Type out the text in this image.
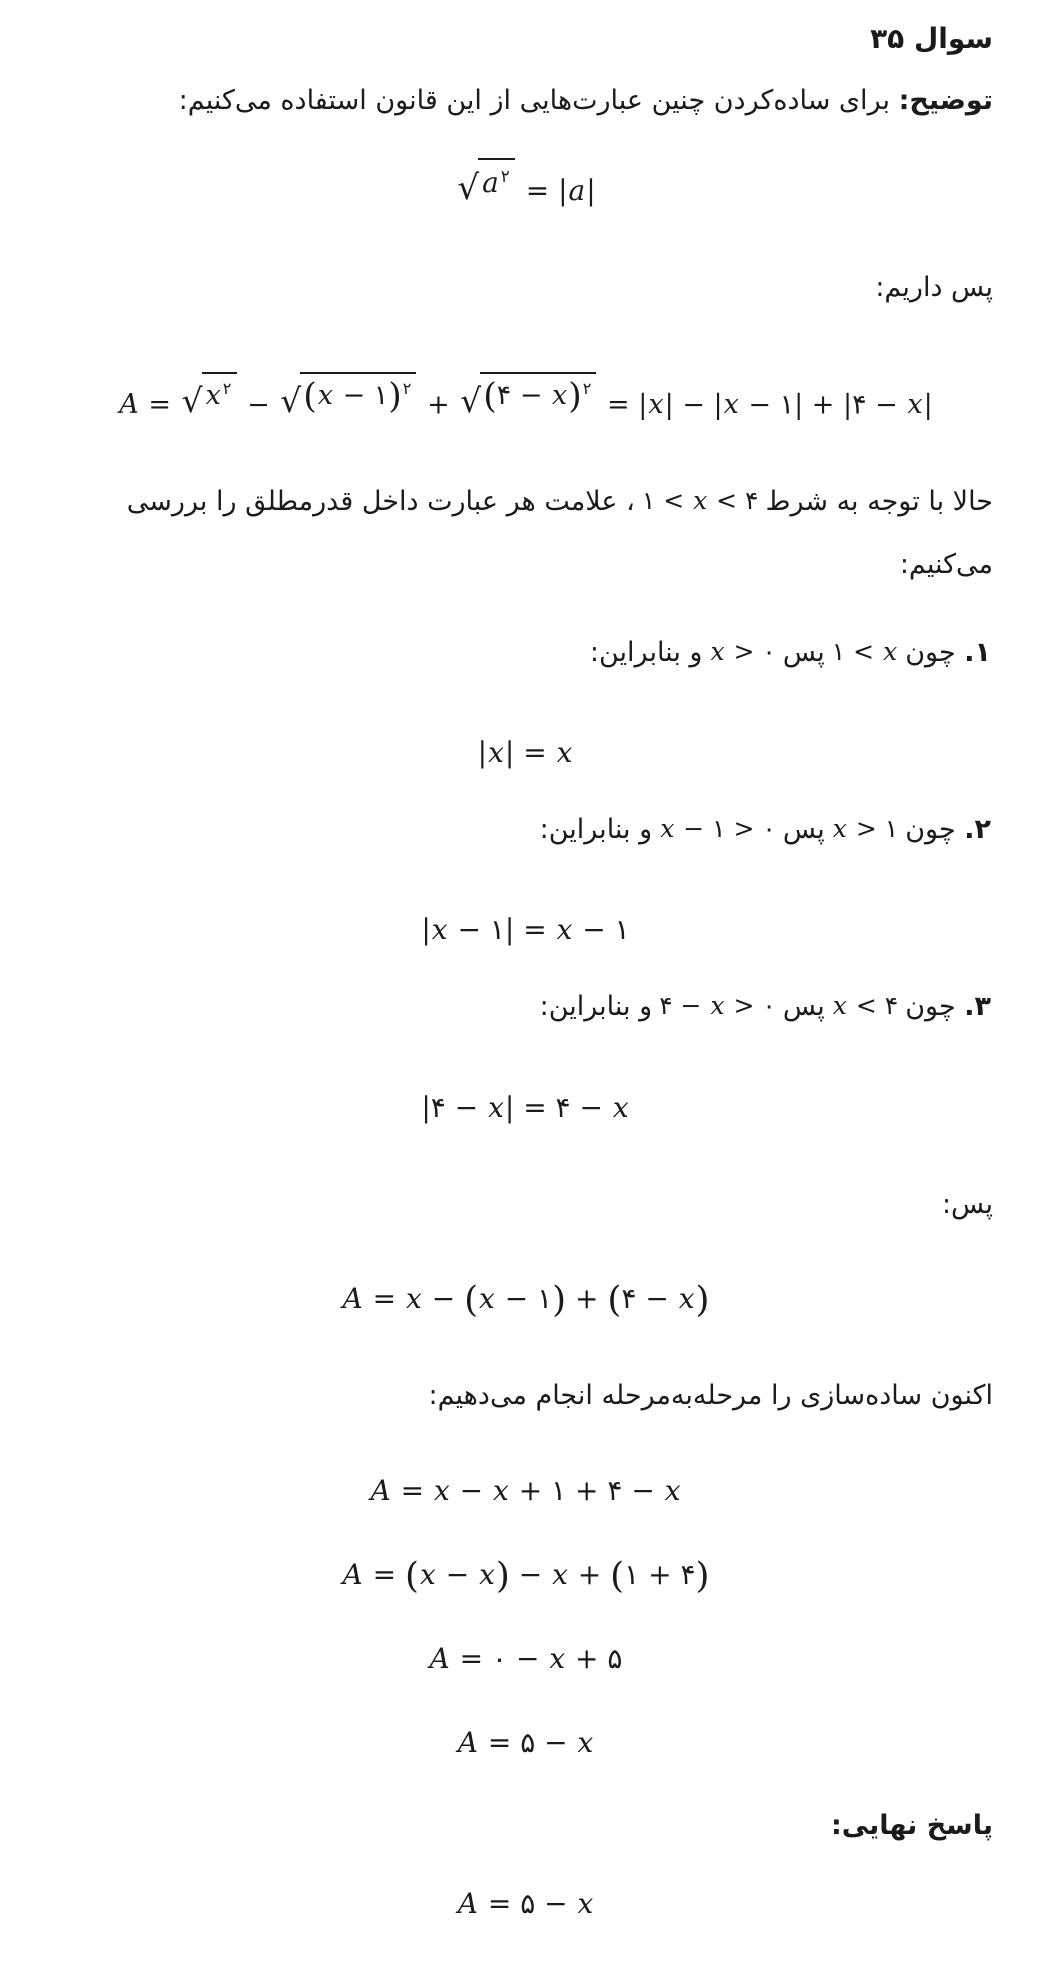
سوال ۳۵

توضیح: برای ساده‌کردن چنین عبارت‌هایی از این قانون استفاده می‌کنیم:

√ a $^۲$ = |a|

پس داریم:

A = √ x $^۲$
− √ (x − ۱)$^۲$
+ √ (۴ − x)$^۲$
= |x| − |x − ۱| + |۴ − x|

حالا با توجه به شرط۱ < x < ۴، علامت هر عبارت داخل قدرمطلق را بررسی می‌کنیم:

۱. چون۱ < xپسx > ۰و بنابراین:

|x| = x

۲. چونx > ۱پسx − ۱ > ۰و بنابراین:

|x − ۱| = x − ۱

۳. چونx < ۴پس۴ − x > ۰و بنابراین:

|۴ − x| = ۴ − x

پس:

A = x − (x − ۱) + (۴ − x)

اکنون ساده‌سازی را مرحله‌به‌مرحله انجام می‌دهیم:

A = x − x + ۱ + ۴ − x
A = (x − x) − x + (۱ + ۴)
A = ۰ − x + ۵
A = ۵ − x

پاسخ نهایی:

A = ۵ − x
